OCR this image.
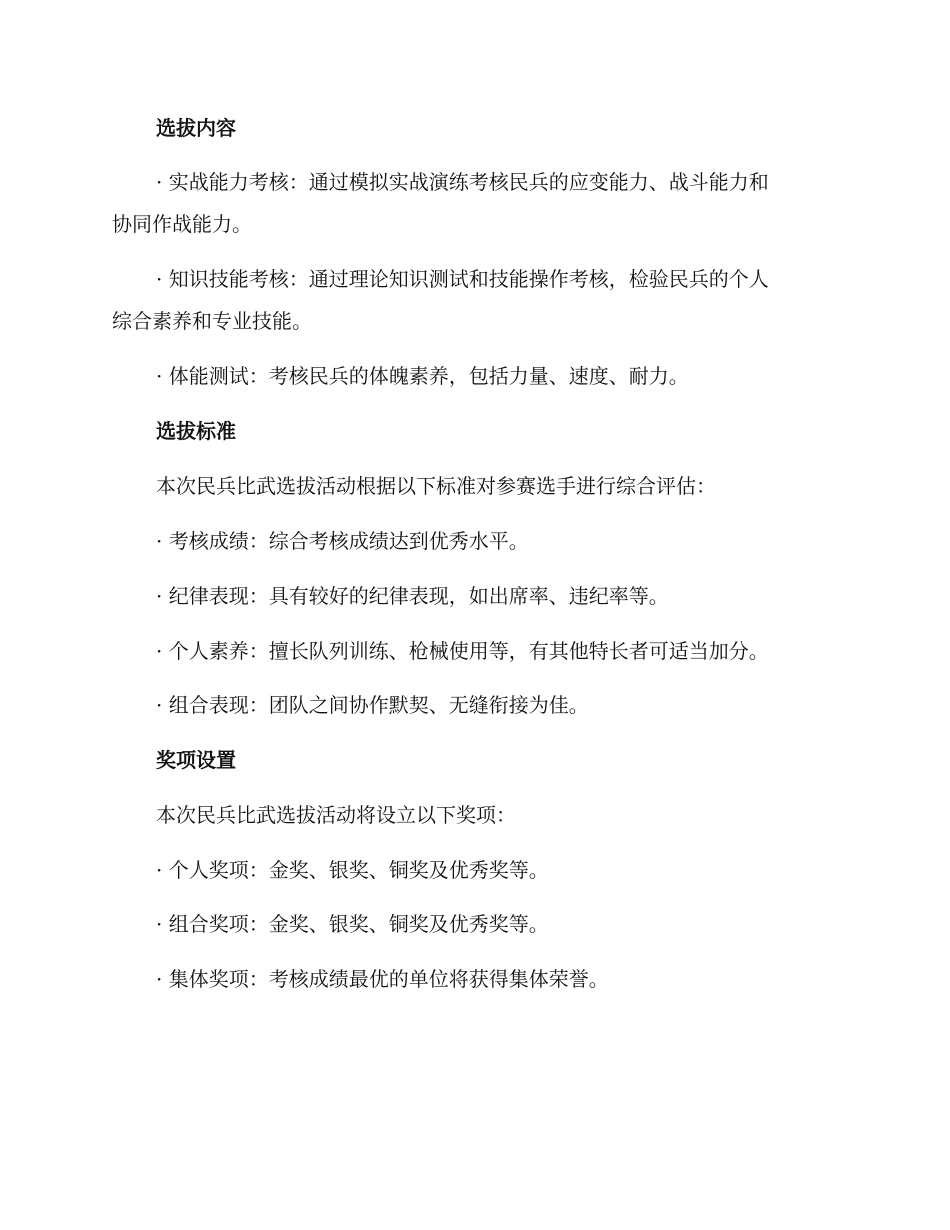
选拔内容
· 实战能力考核：通过模拟实战演练考核民兵的应变能力、战斗能力和
协同作战能力。
· 知识技能考核：通过理论知识测试和技能操作考核，检验民兵的个人
综合素养和专业技能。
· 体能测试：考核民兵的体魄素养，包括力量、速度、耐力。
选拔标准
本次民兵比武选拔活动根据以下标准对参赛选手进行综合评估：
· 考核成绩：综合考核成绩达到优秀水平。
· 纪律表现：具有较好的纪律表现，如出席率、违纪率等。
· 个人素养：擅长队列训练、枪械使用等，有其他特长者可适当加分。
· 组合表现：团队之间协作默契、无缝衔接为佳。
奖项设置
本次民兵比武选拔活动将设立以下奖项：
· 个人奖项：金奖、银奖、铜奖及优秀奖等。
· 组合奖项：金奖、银奖、铜奖及优秀奖等。
· 集体奖项：考核成绩最优的单位将获得集体荣誉。
